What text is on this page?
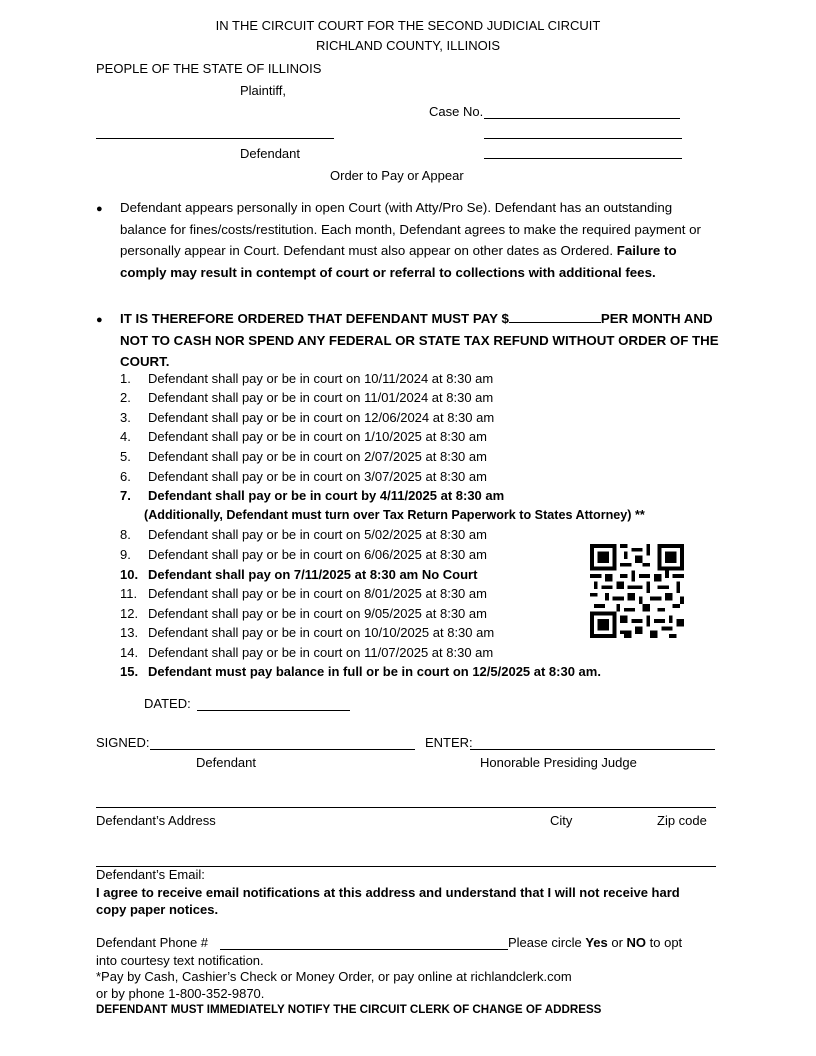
IN THE CIRCUIT COURT FOR THE SECOND JUDICIAL CIRCUIT
RICHLAND COUNTY, ILLINOIS
PEOPLE OF THE STATE OF ILLINOIS
Plaintiff,
Case No.
Defendant
Order to Pay or Appear
● Defendant appears personally in open Court (with Atty/Pro Se). Defendant has an outstanding balance for fines/costs/restitution. Each month, Defendant agrees to make the required payment or personally appear in Court. Defendant must also appear on other dates as Ordered. Failure to comply may result in contempt of court or referral to collections with additional fees.
● IT IS THEREFORE ORDERED THAT DEFENDANT MUST PAY $	PER MONTH AND NOT TO CASH NOR SPEND ANY FEDERAL OR STATE TAX REFUND WITHOUT ORDER OF THE COURT.
1. Defendant shall pay or be in court on 10/11/2024 at 8:30 am
2. Defendant shall pay or be in court on 11/01/2024 at 8:30 am
3. Defendant shall pay or be in court on 12/06/2024 at 8:30 am
4. Defendant shall pay or be in court on 1/10/2025 at 8:30 am
5. Defendant shall pay or be in court on 2/07/2025 at 8:30 am
6. Defendant shall pay or be in court on 3/07/2025 at 8:30 am
7. Defendant shall pay or be in court by 4/11/2025 at 8:30 am
(Additionally, Defendant must turn over Tax Return Paperwork to States Attorney) **
8. Defendant shall pay or be in court on 5/02/2025 at 8:30 am
9. Defendant shall pay or be in court on 6/06/2025 at 8:30 am
10. Defendant shall pay on 7/11/2025 at 8:30 am No Court
11. Defendant shall pay or be in court on 8/01/2025 at 8:30 am
12. Defendant shall pay or be in court on 9/05/2025 at 8:30 am
13. Defendant shall pay or be in court on 10/10/2025 at 8:30 am
14. Defendant shall pay or be in court on 11/07/2025 at 8:30 am
15. Defendant must pay balance in full or be in court on 12/5/2025 at 8:30 am.
DATED:
SIGNED:	ENTER:
Defendant	Honorable Presiding Judge
Defendant’s Address	City	Zip code
Defendant’s Email:
I agree to receive email notifications at this address and understand that I will not receive hard copy paper notices.
Defendant Phone #	Please circle Yes or NO to opt
into courtesy text notification.
*Pay by Cash, Cashier’s Check or Money Order, or pay online at richlandclerk.com
or by phone 1-800-352-9870.
DEFENDANT MUST IMMEDIATELY NOTIFY THE CIRCUIT CLERK OF CHANGE OF ADDRESS
